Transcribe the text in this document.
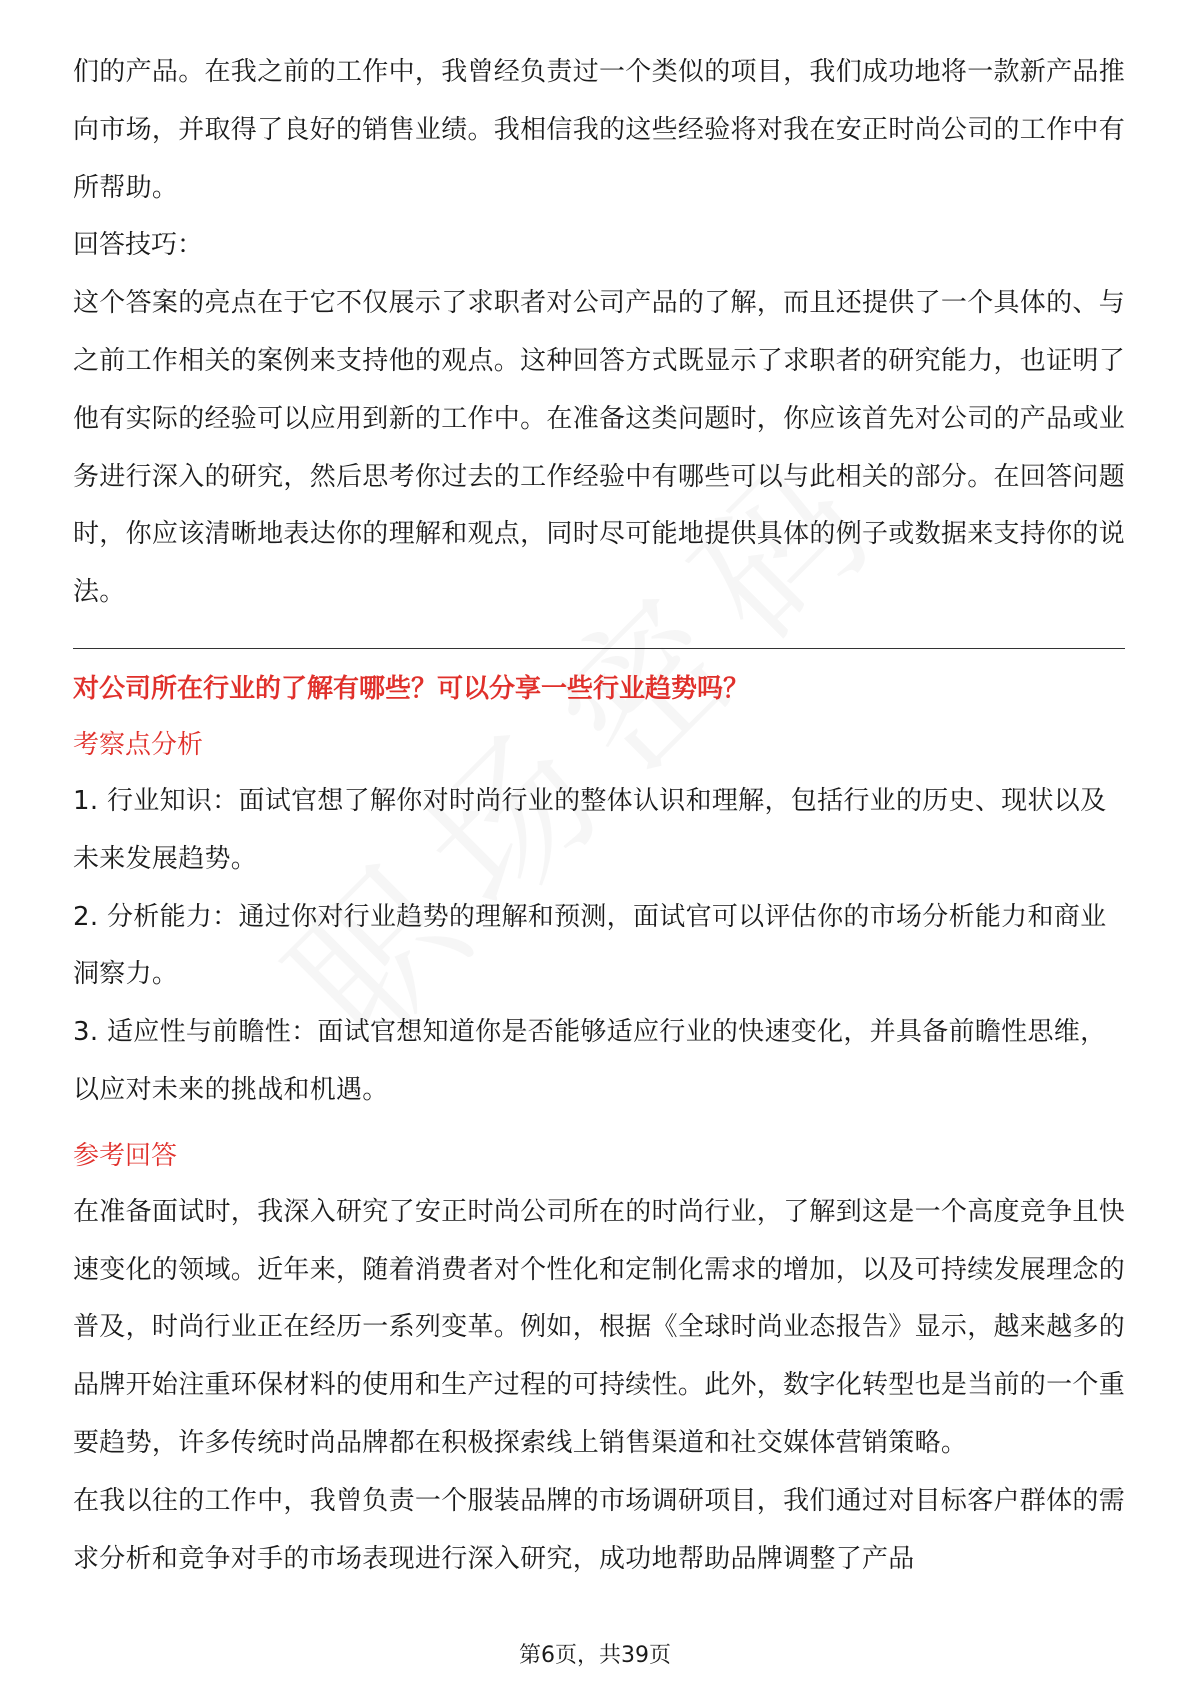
们的产品。在我之前的工作中，我曾经负责过一个类似的项目，我们成功地将一款新产品推向市场，并取得了良好的销售业绩。我相信我的这些经验将对我在安正时尚公司的工作中有所帮助。

回答技巧：

这个答案的亮点在于它不仅展示了求职者对公司产品的了解，而且还提供了一个具体的、与之前工作相关的案例来支持他的观点。这种回答方式既显示了求职者的研究能力，也证明了他有实际的经验可以应用到新的工作中。在准备这类问题时，你应该首先对公司的产品或业务进行深入的研究，然后思考你过去的工作经验中有哪些可以与此相关的部分。在回答问题时，你应该清晰地表达你的理解和观点，同时尽可能地提供具体的例子或数据来支持你的说法。

对公司所在行业的了解有哪些？可以分享一些行业趋势吗？

考察点分析

1. 行业知识：面试官想了解你对时尚行业的整体认识和理解，包括行业的历史、现状以及未来发展趋势。

2. 分析能力：通过你对行业趋势的理解和预测，面试官可以评估你的市场分析能力和商业洞察力。

3. 适应性与前瞻性：面试官想知道你是否能够适应行业的快速变化，并具备前瞻性思维，以应对未来的挑战和机遇。

参考回答

在准备面试时，我深入研究了安正时尚公司所在的时尚行业，了解到这是一个高度竞争且快速变化的领域。近年来，随着消费者对个性化和定制化需求的增加，以及可持续发展理念的普及，时尚行业正在经历一系列变革。例如，根据《全球时尚业态报告》显示，越来越多的品牌开始注重环保材料的使用和生产过程的可持续性。此外，数字化转型也是当前的一个重要趋势，许多传统时尚品牌都在积极探索线上销售渠道和社交媒体营销策略。

在我以往的工作中，我曾负责一个服装品牌的市场调研项目，我们通过对目标客户群体的需求分析和竞争对手的市场表现进行深入研究，成功地帮助品牌调整了产品

第6页，共39页
